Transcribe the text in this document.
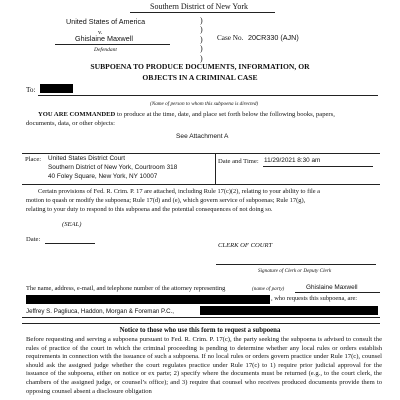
Southern District of New York
United States of America
v.
Ghislaine Maxwell
Defendant
)
)
)
)
)
Case No. 20CR330 (AJN)
SUBPOENA TO PRODUCE DOCUMENTS, INFORMATION, OR
OBJECTS IN A CRIMINAL CASE
To:
(Name of person to whom this subpoena is directed)
YOU ARE COMMANDED to produce at the time, date, and place set forth below the following books, papers,
documents, data, or other objects:
See Attachment A
Place: United States District Court
Southern District of New York, Courtroom 318
40 Foley Square, New York, NY 10007
Date and Time: 11/29/2021 8:30 am
Certain provisions of Fed. R. Crim. P. 17 are attached, including Rule 17(c)(2), relating to your ability to file a
motion to quash or modify the subpoena; Rule 17(d) and (e), which govern service of subpoenas; Rule 17(g),
relating to your duty to respond to this subpoena and the potential consequences of not doing so.
(SEAL)
Date:
CLERK OF COURT
Signature of Clerk or Deputy Clerk
The name, address, e-mail, and telephone number of the attorney representing	(name of party)	Ghislaine Maxwell
, who requests this subpoena, are:
Jeffrey S. Pagliuca, Haddon, Morgan & Foreman P.C.,
Notice to those who use this form to request a subpoena
Before requesting and serving a subpoena pursuant to Fed. R. Crim. P. 17(c), the party seeking the subpoena is advised to consult the rules of practice of the court in which the criminal proceeding is pending to determine whether any local rules or orders establish requirements in connection with the issuance of such a subpoena. If no local rules or orders govern practice under Rule 17(c), counsel should ask the assigned judge whether the court regulates practice under Rule 17(c) to 1) require prior judicial approval for the issuance of the subpoena, either on notice or ex parte; 2) specify where the documents must be returned (e.g., to the court clerk, the chambers of the assigned judge, or counsel’s office); and 3) require that counsel who receives produced documents provide them to opposing counsel absent a disclosure obligation
